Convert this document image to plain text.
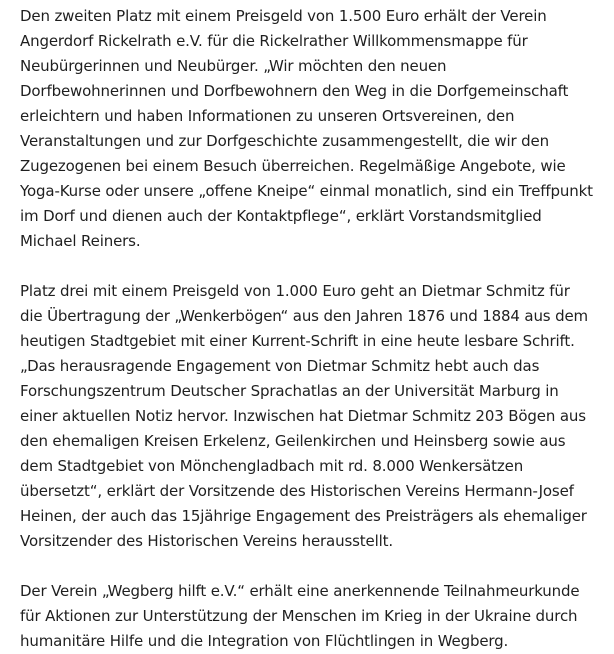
Den zweiten Platz mit einem Preisgeld von 1.500 Euro erhält der Verein Angerdorf Rickelrath e.V. für die Rickelrather Willkommensmappe für Neubürgerinnen und Neubürger. „Wir möchten den neuen Dorfbewohnerinnen und Dorfbewohnern den Weg in die Dorfgemeinschaft erleichtern und haben Informationen zu unseren Ortsvereinen, den Veranstaltungen und zur Dorfgeschichte zusammengestellt, die wir den Zugezogenen bei einem Besuch überreichen. Regelmäßige Angebote, wie Yoga-Kurse oder unsere „offene Kneipe“ einmal monatlich, sind ein Treffpunkt im Dorf und dienen auch der Kontaktpflege“, erklärt Vorstandsmitglied Michael Reiners.

Platz drei mit einem Preisgeld von 1.000 Euro geht an Dietmar Schmitz für die Übertragung der „Wenkerbögen“ aus den Jahren 1876 und 1884 aus dem heutigen Stadtgebiet mit einer Kurrent-Schrift in eine heute lesbare Schrift. „Das herausragende Engagement von Dietmar Schmitz hebt auch das Forschungszentrum Deutscher Sprachatlas an der Universität Marburg in einer aktuellen Notiz hervor. Inzwischen hat Dietmar Schmitz 203 Bögen aus den ehemaligen Kreisen Erkelenz, Geilenkirchen und Heinsberg sowie aus dem Stadtgebiet von Mönchengladbach mit rd. 8.000 Wenkersätzen übersetzt“, erklärt der Vorsitzende des Historischen Vereins Hermann-Josef Heinen, der auch das 15jährige Engagement des Preisträgers als ehemaliger Vorsitzender des Historischen Vereins herausstellt.

Der Verein „Wegberg hilft e.V.“ erhält eine anerkennende Teilnahmeurkunde für Aktionen zur Unterstützung der Menschen im Krieg in der Ukraine durch humanitäre Hilfe und die Integration von Flüchtlingen in Wegberg.
